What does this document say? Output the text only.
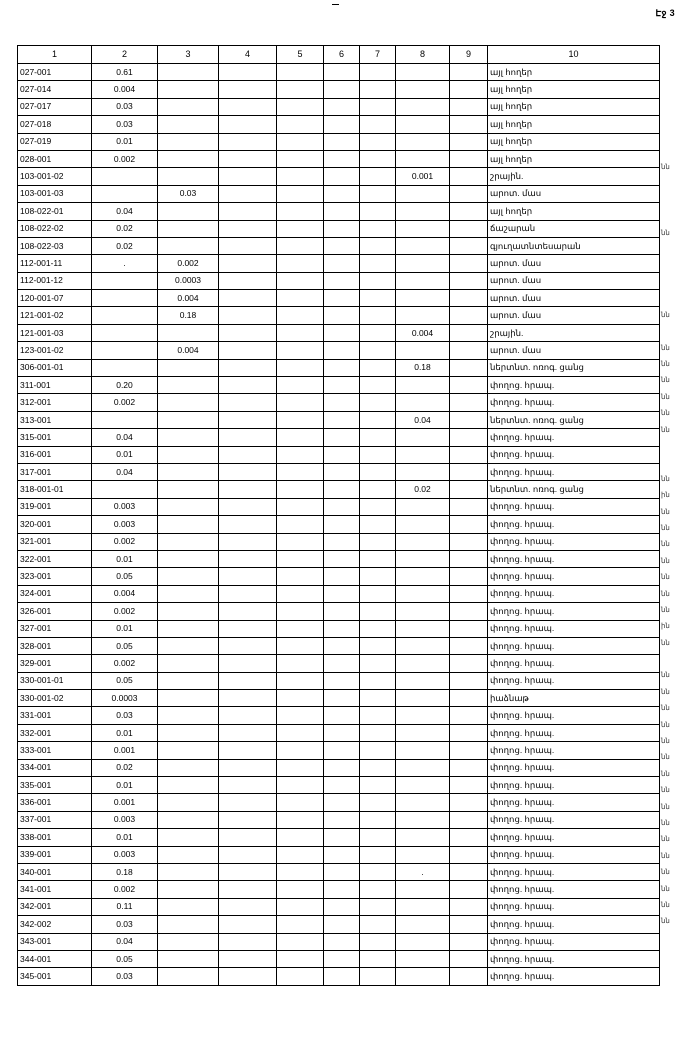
Էջ 3
1	2	3	4	5	6	7	8	9	10
027-001	0.61								այլ հողեր
027-014	0.004								այլ հողեր
027-017	0.03								այլ հողեր
027-018	0.03								այլ հողեր
027-019	0.01								այլ հողեր
028-001	0.002								այլ հողեր
103-001-02							0.001		շրային.
103-001-03		0.03							արոտ. մաս
108-022-01	0.04								այլ հողեր
108-022-02	0.02								ճաշարան
108-022-03	0.02								գյուղատնտեսարան
112-001-11	.	0.002							արոտ. մաս
112-001-12		0.0003							արոտ. մաս
120-001-07		0.004							արոտ. մաս
121-001-02		0.18							արոտ. մաս
121-001-03							0.004		շրային.
123-001-02		0.004							արոտ. մաս
306-001-01							0.18		ներտնտ. ոռոգ. ցանց
311-001	0.20								փողոց. հրապ.
312-001	0.002								փողոց. հրապ.
313-001							0.04		ներտնտ. ոռոգ. ցանց
315-001	0.04								փողոց. հրապ.
316-001	0.01								փողոց. հրապ.
317-001	0.04								փողոց. հրապ.
318-001-01							0.02		ներտնտ. ոռոգ. ցանց
319-001	0.003								փողոց. հրապ.
320-001	0.003								փողոց. հրապ.
321-001	0.002								փողոց. հրապ.
322-001	0.01								փողոց. հրապ.
323-001	0.05								փողոց. հրապ.
324-001	0.004								փողոց. հրապ.
326-001	0.002								փողոց. հրապ.
327-001	0.01								փողոց. հրապ.
328-001	0.05								փողոց. հրապ.
329-001	0.002								փողոց. հրապ.
330-001-01	0.05								փողոց. հրապ.
330-001-02	0.0003								իաձնաթ
331-001	0.03								փողոց. հրապ.
332-001	0.01								փողոց. հրապ.
333-001	0.001								փողոց. հրապ.
334-001	0.02								փողոց. հրապ.
335-001	0.01								փողոց. հրապ.
336-001	0.001								փողոց. հրապ.
337-001	0.003								փողոց. հրապ.
338-001	0.01								փողոց. հրապ.
339-001	0.003								փողոց. հրապ.
340-001	0.18						.		փողոց. հրապ.
341-001	0.002								փողոց. հրապ.
342-001	0.11								փողոց. հրապ.
342-002	0.03								փողոց. հրապ.
343-001	0.04								փողոց. հրապ.
344-001	0.05								փողոց. հրապ.
345-001	0.03								փողոց. հրապ.
նն
նն
նն
նն
նն
նն
նն
նն
նն
նն
ին
նն
նն
նն
նն
նն
նն
նն
ին
նն
նն
նն
նն
նն
նն
նն
նն
նն
նն
նն
նն
նն
նն
նն
նն
նն
